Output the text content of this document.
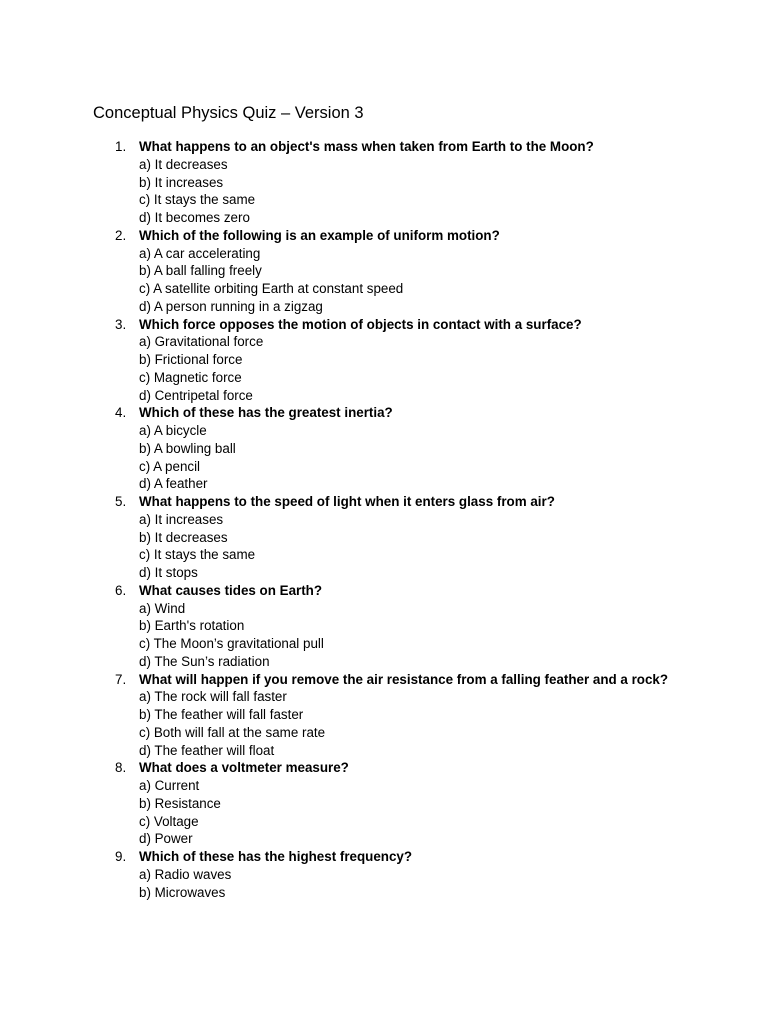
Conceptual Physics Quiz – Version 3
1. What happens to an object's mass when taken from Earth to the Moon?
a) It decreases
b) It increases
c) It stays the same
d) It becomes zero
2. Which of the following is an example of uniform motion?
a) A car accelerating
b) A ball falling freely
c) A satellite orbiting Earth at constant speed
d) A person running in a zigzag
3. Which force opposes the motion of objects in contact with a surface?
a) Gravitational force
b) Frictional force
c) Magnetic force
d) Centripetal force
4. Which of these has the greatest inertia?
a) A bicycle
b) A bowling ball
c) A pencil
d) A feather
5. What happens to the speed of light when it enters glass from air?
a) It increases
b) It decreases
c) It stays the same
d) It stops
6. What causes tides on Earth?
a) Wind
b) Earth's rotation
c) The Moon’s gravitational pull
d) The Sun’s radiation
7. What will happen if you remove the air resistance from a falling feather and a rock?
a) The rock will fall faster
b) The feather will fall faster
c) Both will fall at the same rate
d) The feather will float
8. What does a voltmeter measure?
a) Current
b) Resistance
c) Voltage
d) Power
9. Which of these has the highest frequency?
a) Radio waves
b) Microwaves
